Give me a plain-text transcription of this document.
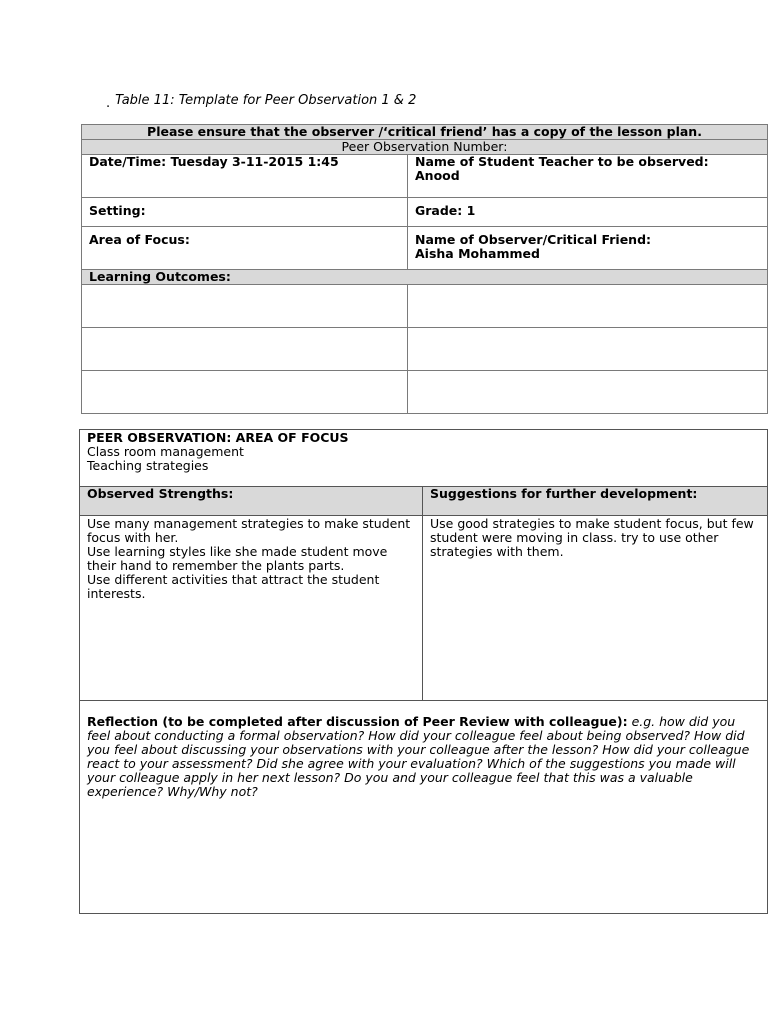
. Table 11: Template for Peer Observation 1 & 2
Please ensure that the observer /‘critical friend’ has a copy of the lesson plan.	
Peer Observation Number:	
Date/Time: Tuesday 3-11-2015 1:45	Name of Student Teacher to be observed:
Anood

Setting:	Grade: 1
Area of Focus:	Name of Observer/Critical Friend:
Aisha Mohammed

Learning Outcomes:	

PEER OBSERVATION: AREA OF FOCUS
Class room management
Teaching strategies	

Observed Strengths:	Suggestions for further development:

Use many management strategies to make student focus with her.
Use learning styles like she made student move their hand to remember the plants parts.
Use different activities that attract the student interests.	Use good strategies to make student focus, but few student were moving in class. try to use other strategies with them.

Reflection (to be completed after discussion of Peer Review with colleague): e.g. how did you feel about conducting a formal observation? How did your colleague feel about being observed? How did you feel about discussing your observations with your colleague after the lesson? How did your colleague react to your assessment? Did she agree with your evaluation? Which of the suggestions you made will your colleague apply in her next lesson? Do you and your colleague feel that this was a valuable experience? Why/Why not?	
